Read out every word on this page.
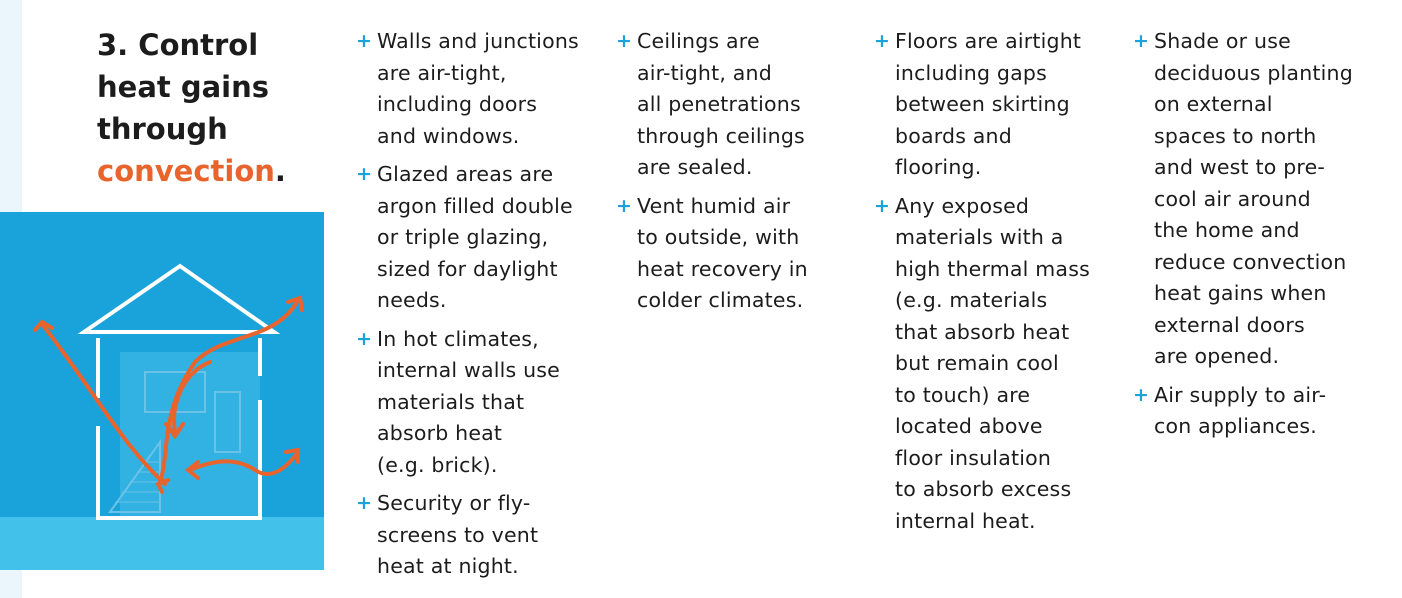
3. Control
heat gains
through
convection.
+ Walls and junctions
are air-tight,
including doors
and windows.
+ Glazed areas are
argon filled double
or triple glazing,
sized for daylight
needs.
+ In hot climates,
internal walls use
materials that
absorb heat
(e.g. brick).
+ Security or fly-
screens to vent
heat at night.
+ Ceilings are
air-tight, and
all penetrations
through ceilings
are sealed.
+ Vent humid air
to outside, with
heat recovery in
colder climates.
+ Floors are airtight
including gaps
between skirting
boards and
flooring.
+ Any exposed
materials with a
high thermal mass
(e.g. materials
that absorb heat
but remain cool
to touch) are
located above
floor insulation
to absorb excess
internal heat.
+ Shade or use
deciduous planting
on external
spaces to north
and west to pre-
cool air around
the home and
reduce convection
heat gains when
external doors
are opened.
+ Air supply to air-
con appliances.
